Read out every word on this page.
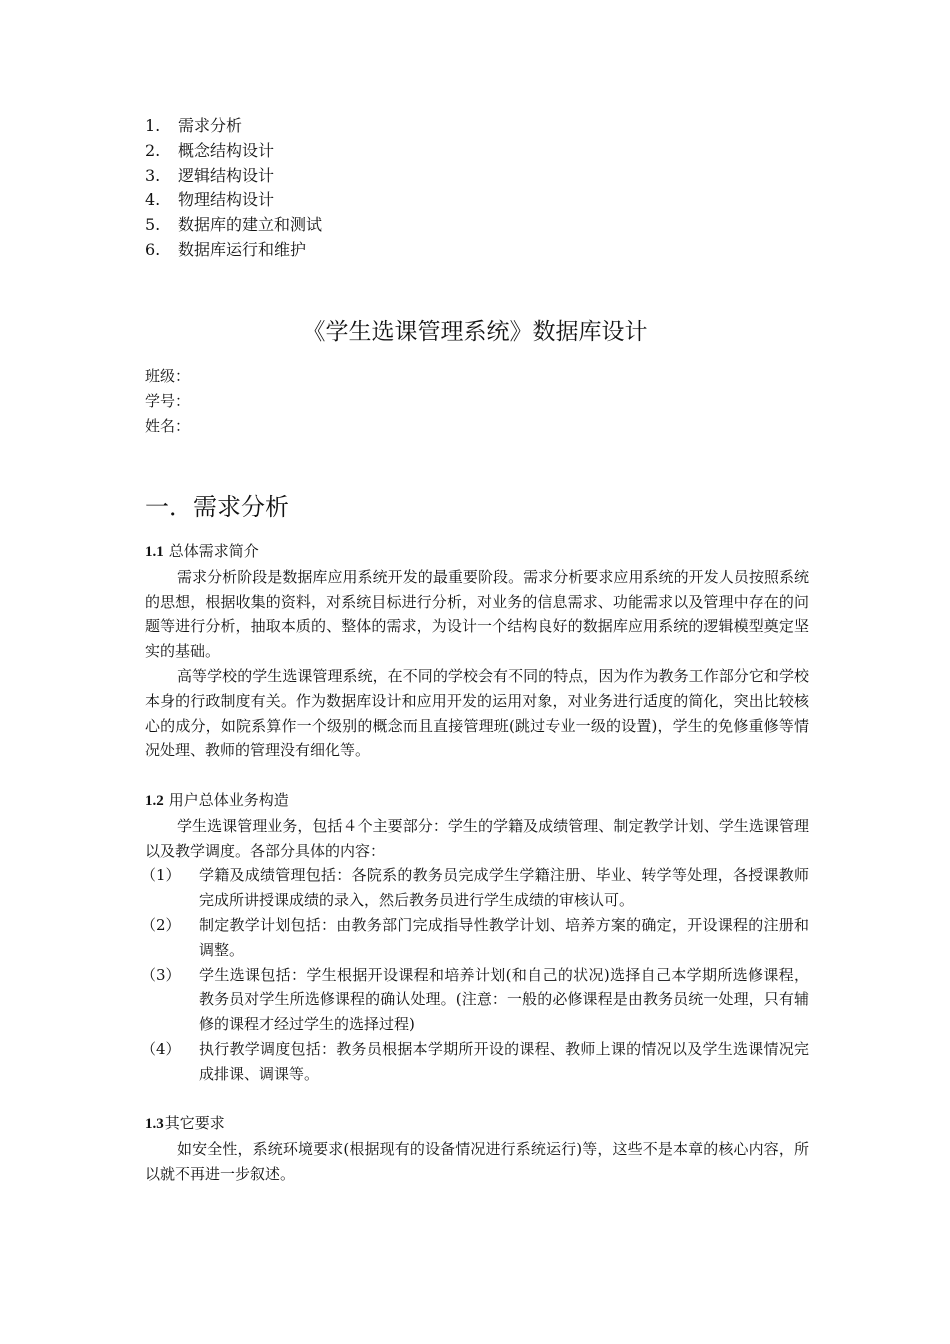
1.	需求分析
2.	概念结构设计
3.	逻辑结构设计
4.	物理结构设计
5.	数据库的建立和测试
6.	数据库运行和维护
《学生选课管理系统》数据库设计
班级：
学号：
姓名：
一．需求分析
1.1 总体需求简介
需求分析阶段是数据库应用系统开发的最重要阶段。需求分析要求应用系统的开发人员按照系统的思想，根据收集的资料，对系统目标进行分析，对业务的信息需求、功能需求以及管理中存在的问题等进行分析，抽取本质的、整体的需求，为设计一个结构良好的数据库应用系统的逻辑模型奠定坚实的基础。
高等学校的学生选课管理系统，在不同的学校会有不同的特点，因为作为教务工作部分它和学校本身的行政制度有关。作为数据库设计和应用开发的运用对象，对业务进行适度的简化，突出比较核心的成分，如院系算作一个级别的概念而且直接管理班(跳过专业一级的设置)，学生的免修重修等情况处理、教师的管理没有细化等。
1.2 用户总体业务构造
学生选课管理业务，包括４个主要部分：学生的学籍及成绩管理、制定教学计划、学生选课管理以及教学调度。各部分具体的内容：
（1）	学籍及成绩管理包括：各院系的教务员完成学生学籍注册、毕业、转学等处理，各授课教师完成所讲授课成绩的录入，然后教务员进行学生成绩的审核认可。
（2）	制定教学计划包括：由教务部门完成指导性教学计划、培养方案的确定，开设课程的注册和调整。
（3）	学生选课包括：学生根据开设课程和培养计划(和自己的状况)选择自己本学期所选修课程，教务员对学生所选修课程的确认处理。(注意：一般的必修课程是由教务员统一处理，只有辅修的课程才经过学生的选择过程)
（4）	执行教学调度包括：教务员根据本学期所开设的课程、教师上课的情况以及学生选课情况完成排课、调课等。
1.3其它要求
如安全性，系统环境要求(根据现有的设备情况进行系统运行)等，这些不是本章的核心内容，所以就不再进一步叙述。
